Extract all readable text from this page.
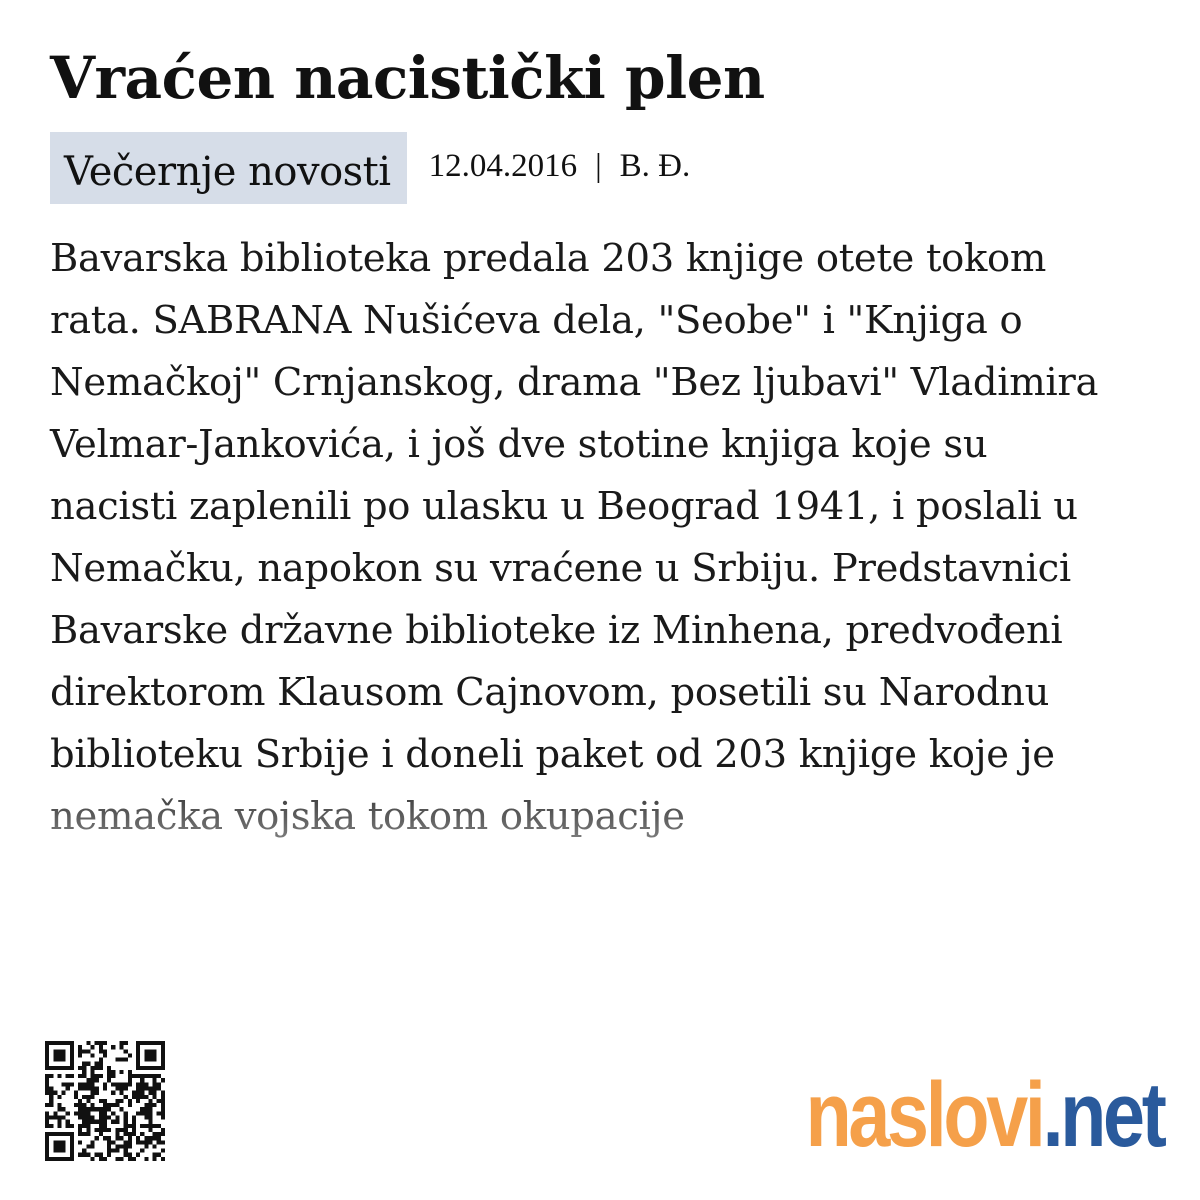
Vraćen nacistički plen
Večernje novosti	12.04.2016 | B. Đ.
Bavarska biblioteka predala 203 knjige otete tokom
rata. SABRANA Nušićeva dela, "Seobe" i "Knjiga o
Nemačkoj" Crnjanskog, drama "Bez ljubavi" Vladimira
Velmar-Jankovića, i još dve stotine knjiga koje su
nacisti zaplenili po ulasku u Beograd 1941, i poslali u
Nemačku, napokon su vraćene u Srbiju. Predstavnici
Bavarske državne biblioteke iz Minhena, predvođeni
direktorom Klausom Cajnovom, posetili su Narodnu
biblioteku Srbije i doneli paket od 203 knjige koje je
nemačka vojska tokom okupacije
naslovi.net
